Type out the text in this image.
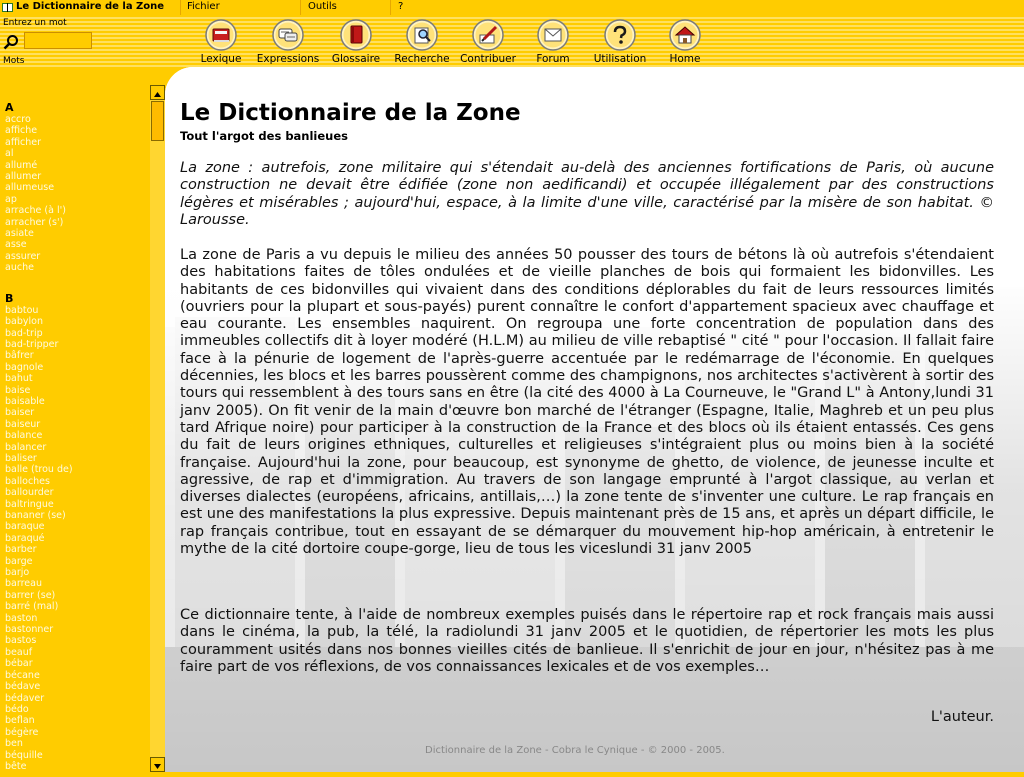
Le Dictionnaire de la Zone Fichier	Outils	?
Entrez un mot
Mots	Lexique Expressions	Glossaire	Recherche Contribuer	Forum	Utilisation	Home
A
accro
affiche
afficher
al
allumé
allumer
allumeuse
ap
arrache (à l')
arracher (s')
asiate
asse
assurer
auche
B
babtou
babylon
bad-trip
bad-tripper
bâfrer
bagnole
bahut
baise
baisable
baiser
baiseur
balance
balancer
baliser
balle (trou de)
balloches
ballourder
baltringue
bananer (se)
baraque
baraqué
barber
barge
barjo
barreau
barrer (se)
barré (mal)
baston
bastonner
bastos
beauf
bébar
bécane
bédave
bédaver
bédo
beflan
bégère
ben
béquille
bête
Le Dictionnaire de la Zone
Tout l'argot des banlieues

La zone : autrefois, zone militaire qui s'étendait au-delà des anciennes fortifications de Paris, où aucune construction ne devait être édifiée (zone non aedificandi) et occupée illégalement par des constructions légères et misérables ; aujourd'hui, espace, à la limite d'une ville, caractérisé par la misère de son habitat. © Larousse.

La zone de Paris a vu depuis le milieu des années 50 pousser des tours de bétons là où autrefois s'étendaient des habitations faites de tôles ondulées et de vieille planches de bois qui formaient les bidonvilles. Les habitants de ces bidonvilles qui vivaient dans des conditions déplorables du fait de leurs ressources limités (ouvriers pour la plupart et sous-payés) purent connaître le confort d'appartement spacieux avec chauffage et eau courante. Les ensembles naquirent. On regroupa une forte concentration de population dans des immeubles collectifs dit à loyer modéré (H.L.M) au milieu de ville rebaptisé " cité " pour l'occasion. Il fallait faire face à la pénurie de logement de l'après-guerre accentuée par le redémarrage de l'économie. En quelques décennies, les blocs et les barres poussèrent comme des champignons, nos architectes s'activèrent à sortir des tours qui ressemblent à des tours sans en être (la cité des 4000 à La Courneuve, le "Grand L" à Antony,lundi 31 janv 2005). On fit venir de la main d'œuvre bon marché de l'étranger (Espagne, Italie, Maghreb et un peu plus tard Afrique noire) pour participer à la construction de la France et des blocs où ils étaient entassés. Ces gens du fait de leurs origines ethniques, culturelles et religieuses s'intégraient plus ou moins bien à la société française. Aujourd'hui la zone, pour beaucoup, est synonyme de ghetto, de violence, de jeunesse inculte et agressive, de rap et d'immigration. Au travers de son langage emprunté à l'argot classique, au verlan et diverses dialectes (européens, africains, antillais,…) la zone tente de s'inventer une culture. Le rap français en est une des manifestations la plus expressive. Depuis maintenant près de 15 ans, et après un départ difficile, le rap français contribue, tout en essayant de se démarquer du mouvement hip-hop américain, à entretenir le mythe de la cité dortoire coupe-gorge, lieu de tous les viceslundi 31 janv 2005

Ce dictionnaire tente, à l'aide de nombreux exemples puisés dans le répertoire rap et rock français mais aussi dans le cinéma, la pub, la télé, la radiolundi 31 janv 2005 et le quotidien, de répertorier les mots les plus couramment usités dans nos bonnes vieilles cités de banlieue. Il s'enrichit de jour en jour, n'hésitez pas à me faire part de vos réflexions, de vos connaissances lexicales et de vos exemples…

L'auteur.
Dictionnaire de la Zone - Cobra le Cynique - © 2000 - 2005.
